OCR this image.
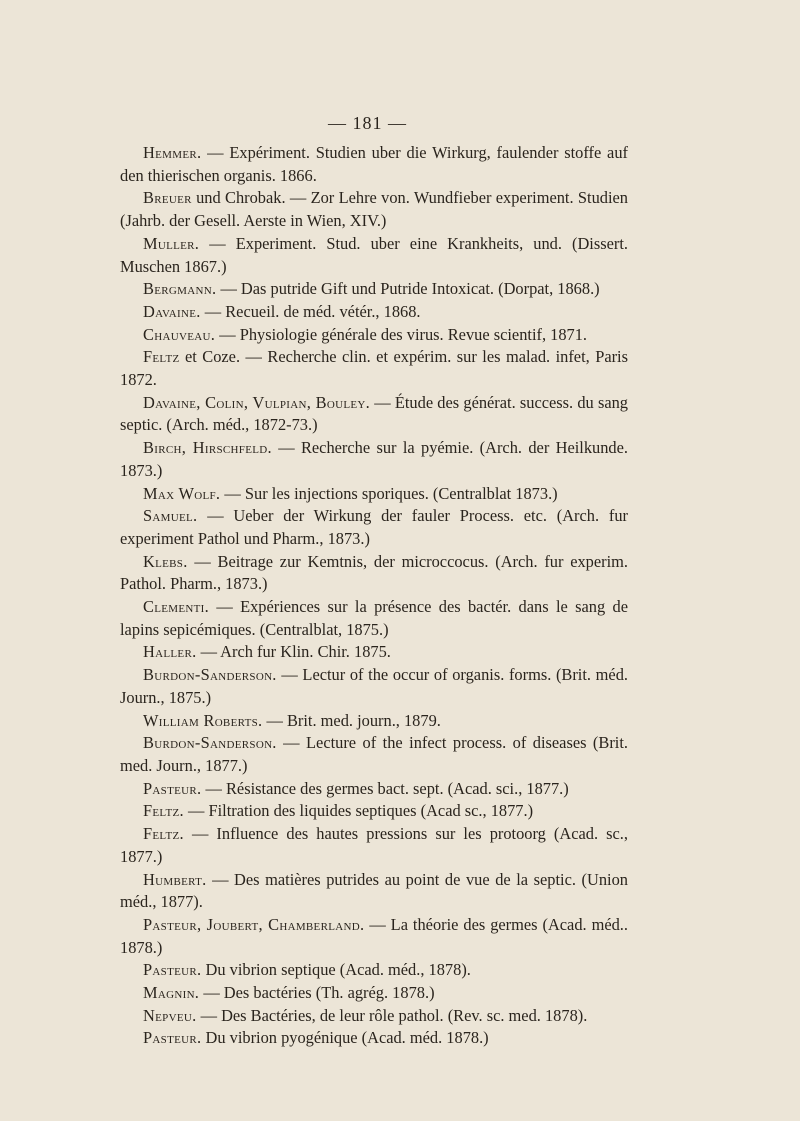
— 181 —

Hemmer. — Expériment. Studien uber die Wirkurg, faulender stoffe auf den thierischen organis. 1866.

Breuer und Chrobak. — Zor Lehre von. Wundfieber experiment. Studien (Jahrb. der Gesell. Aerste in Wien, XIV.)

Muller. — Experiment. Stud. uber eine Krankheits, und. (Dissert. Muschen 1867.)

Bergmann. — Das putride Gift und Putride Intoxicat. (Dorpat, 1868.)

Davaine. — Recueil. de méd. vétér., 1868.

Chauveau. — Physiologie générale des virus. Revue scientif, 1871.

Feltz et Coze. — Recherche clin. et expérim. sur les malad. infet, Paris 1872.

Davaine, Colin, Vulpian, Bouley. — Étude des générat. success. du sang septic. (Arch. méd., 1872-73.)

Birch, Hirschfeld. — Recherche sur la pyémie. (Arch. der Heilkunde. 1873.)

Max Wolf. — Sur les injections sporiques. (Centralblat 1873.)

Samuel. — Ueber der Wirkung der fauler Process. etc. (Arch. fur experiment Pathol und Pharm., 1873.)

Klebs. — Beitrage zur Kemtnis, der microccocus. (Arch. fur experim. Pathol. Pharm., 1873.)

Clementi. — Expériences sur la présence des bactér. dans le sang de lapins sepicémiques. (Centralblat, 1875.)

Haller. — Arch fur Klin. Chir. 1875.

Burdon-Sanderson. — Lectur of the occur of organis. forms. (Brit. méd. Journ., 1875.)

William Roberts. — Brit. med. journ., 1879.

Burdon-Sanderson. — Lecture of the infect process. of diseases (Brit. med. Journ., 1877.)

Pasteur. — Résistance des germes bact. sept. (Acad. sci., 1877.)

Feltz. — Filtration des liquides septiques (Acad sc., 1877.)

Feltz. — Influence des hautes pressions sur les protoorg (Acad. sc., 1877.)

Humbert. — Des matières putrides au point de vue de la septic. (Union méd., 1877).

Pasteur, Joubert, Chamberland. — La théorie des germes (Acad. méd.. 1878.)

Pasteur. Du vibrion septique (Acad. méd., 1878).

Magnin. — Des bactéries (Th. agrég. 1878.)

Nepveu. — Des Bactéries, de leur rôle pathol. (Rev. sc. med. 1878).

Pasteur. Du vibrion pyogénique (Acad. méd. 1878.)
